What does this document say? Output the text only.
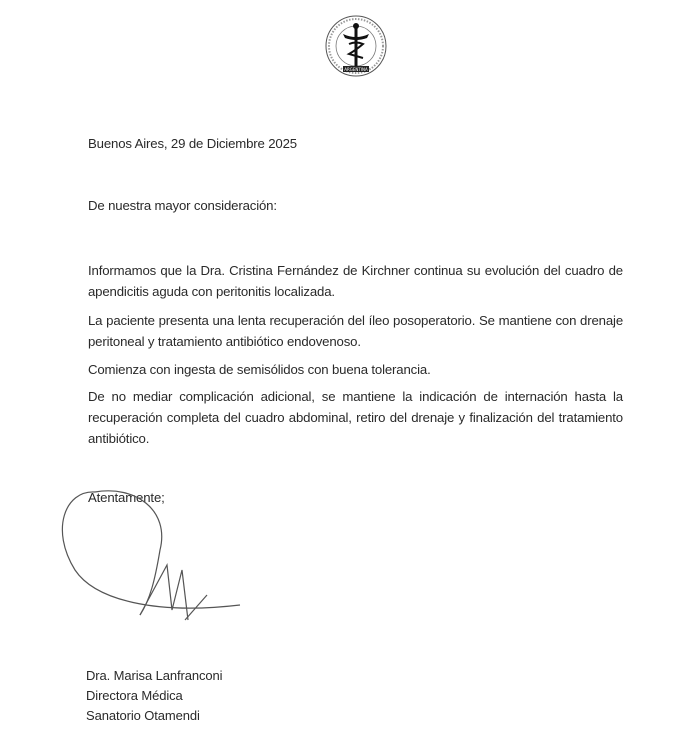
ARGENTINA
Buenos Aires, 29 de Diciembre 2025
De nuestra mayor consideración:
Informamos que la Dra. Cristina Fernández de Kirchner continua su evolución del cuadro de apendicitis aguda con peritonitis localizada.
La paciente presenta una lenta recuperación del íleo posoperatorio. Se mantiene con drenaje peritoneal y tratamiento antibiótico endovenoso.
Comienza con ingesta de semisólidos con buena tolerancia.
De no mediar complicación adicional, se mantiene la indicación de internación hasta la recuperación completa del cuadro abdominal, retiro del drenaje y finalización del tratamiento antibiótico.
Atentamente;
Dra. Marisa Lanfranconi
Directora Médica
Sanatorio Otamendi
